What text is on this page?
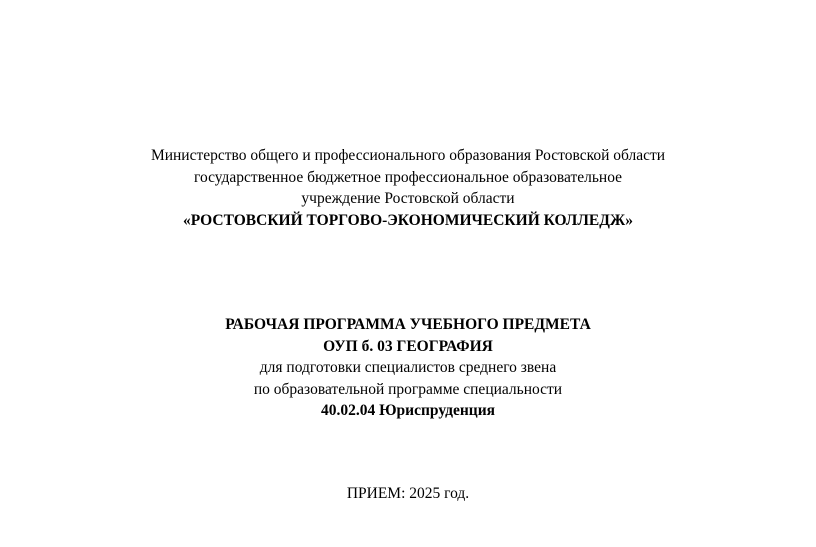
Министерство общего и профессионального образования Ростовской области
государственное бюджетное профессиональное образовательное
учреждение Ростовской области
«РОСТОВСКИЙ ТОРГОВО-ЭКОНОМИЧЕСКИЙ КОЛЛЕДЖ»
РАБОЧАЯ ПРОГРАММА УЧЕБНОГО ПРЕДМЕТА
ОУП б. 03 ГЕОГРАФИЯ
для подготовки специалистов среднего звена
по образовательной программе специальности
40.02.04 Юриспруденция
ПРИЕМ: 2025 год.
